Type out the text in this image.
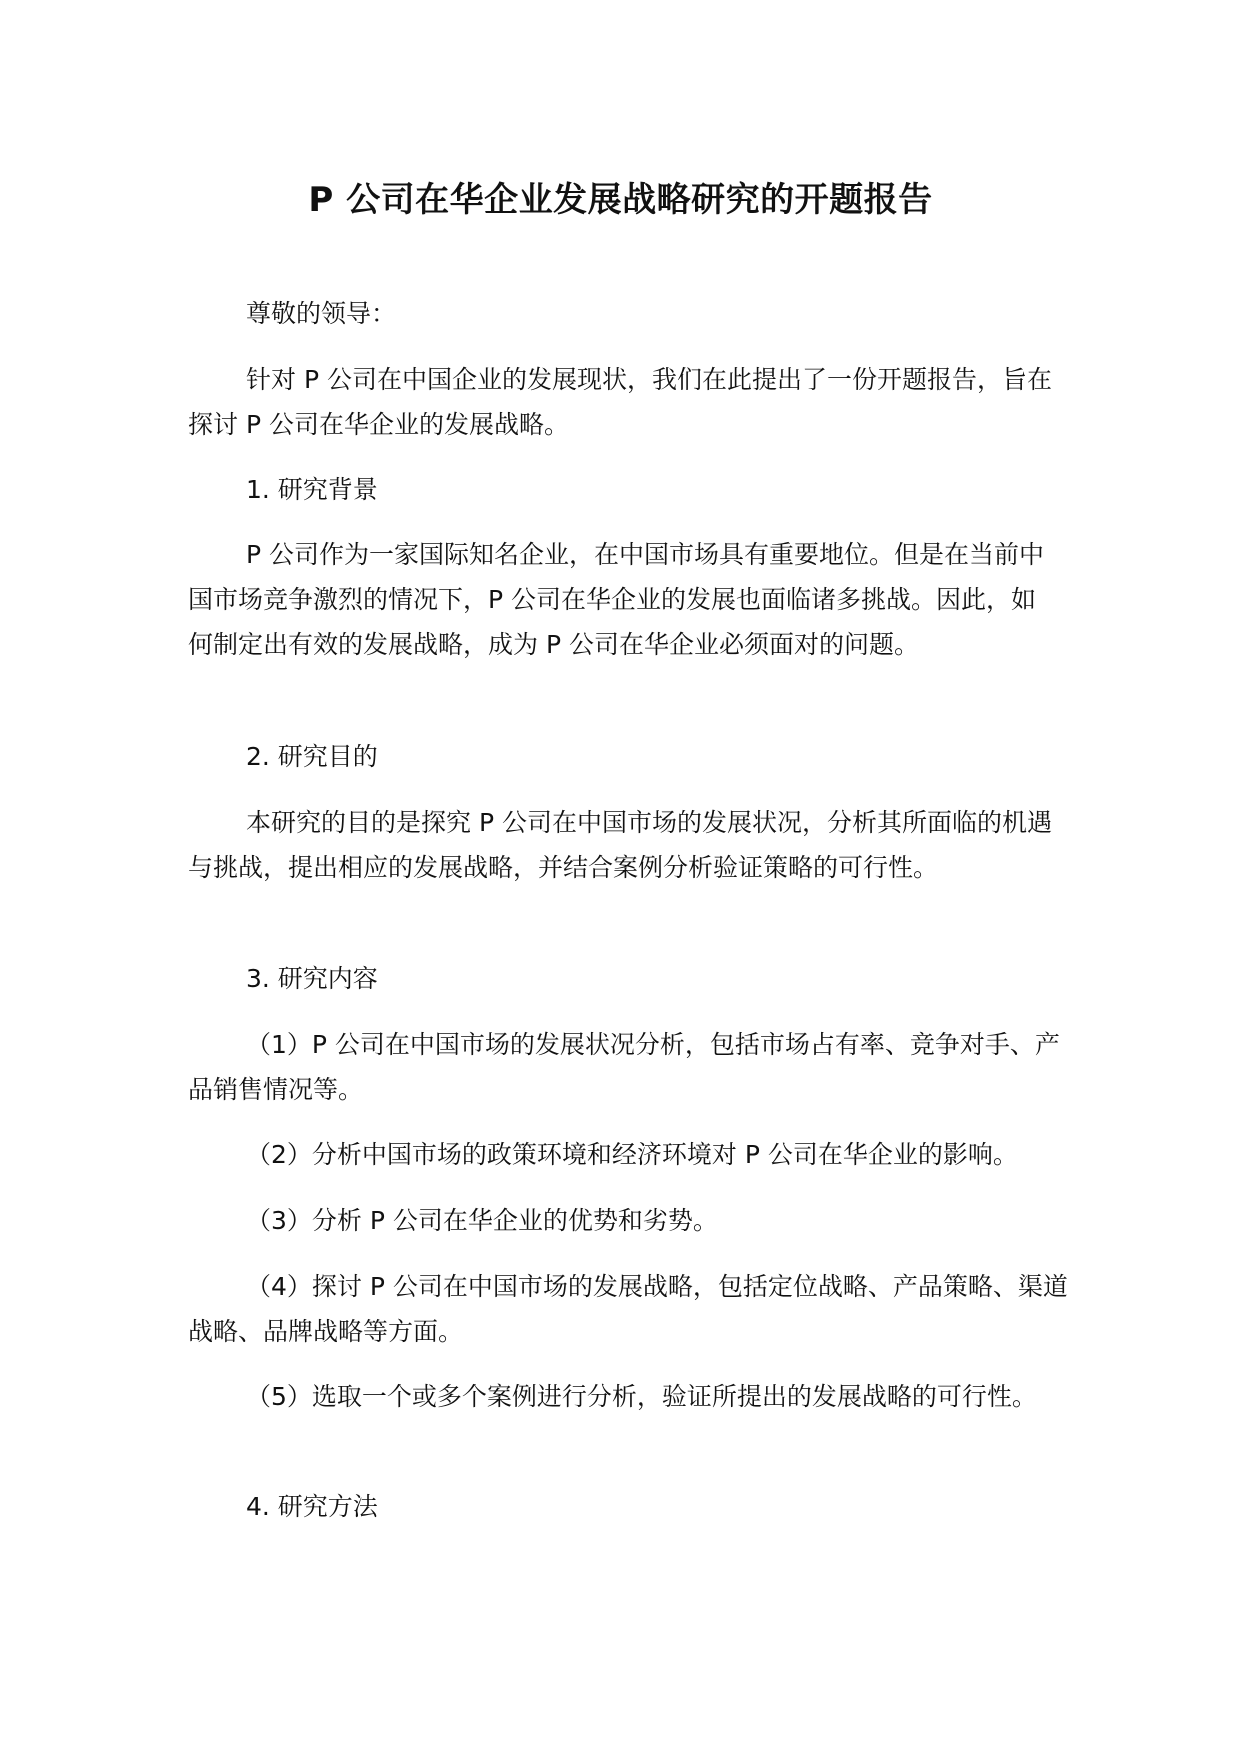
P 公司在华企业发展战略研究的开题报告

尊敬的领导：

针对 P 公司在中国企业的发展现状，我们在此提出了一份开题报告，旨在探讨 P 公司在华企业的发展战略。

1. 研究背景

P 公司作为一家国际知名企业，在中国市场具有重要地位。但是在当前中国市场竞争激烈的情况下，P 公司在华企业的发展也面临诸多挑战。因此，如何制定出有效的发展战略，成为 P 公司在华企业必须面对的问题。

2. 研究目的

本研究的目的是探究 P 公司在中国市场的发展状况，分析其所面临的机遇与挑战，提出相应的发展战略，并结合案例分析验证策略的可行性。

3. 研究内容

（1）P 公司在中国市场的发展状况分析，包括市场占有率、竞争对手、产品销售情况等。

（2）分析中国市场的政策环境和经济环境对 P 公司在华企业的影响。

（3）分析 P 公司在华企业的优势和劣势。

（4）探讨 P 公司在中国市场的发展战略，包括定位战略、产品策略、渠道战略、品牌战略等方面。

（5）选取一个或多个案例进行分析，验证所提出的发展战略的可行性。

4. 研究方法
